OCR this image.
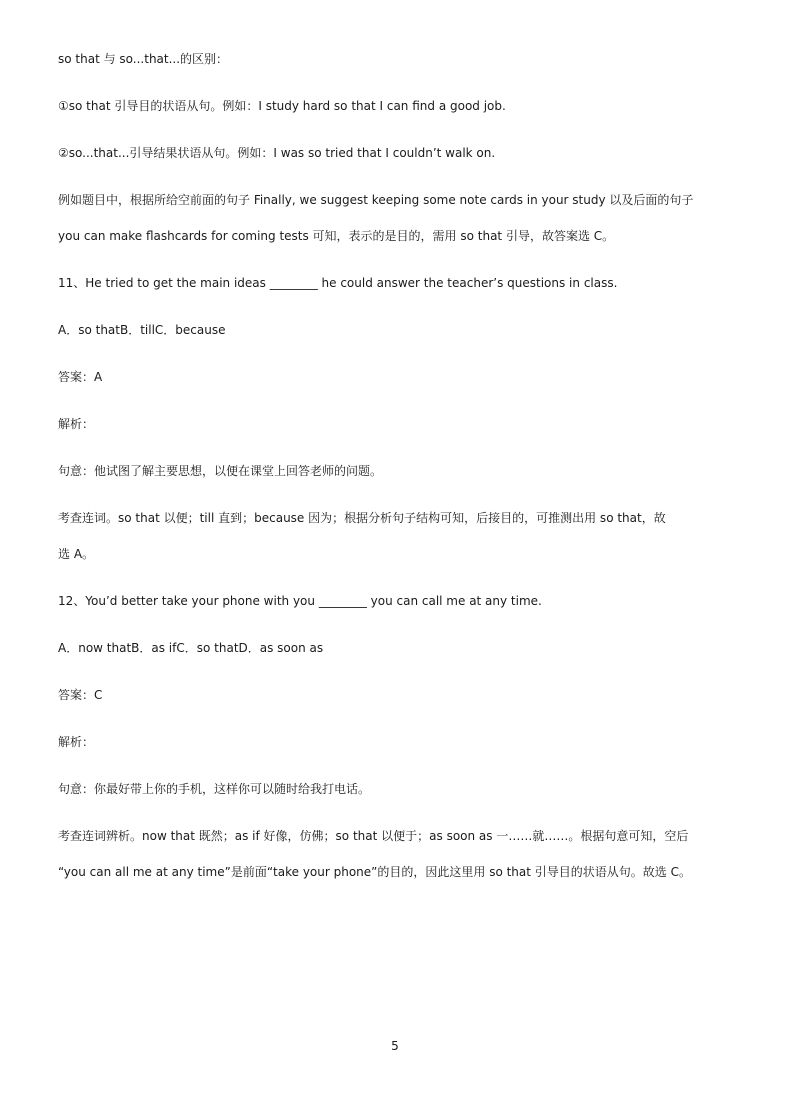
so that 与 so...that...的区别：
①so that 引导目的状语从句。例如：I study hard so that I can find a good job.
②so...that...引导结果状语从句。例如：I was so tried that I couldn’t walk on.
例如题目中，根据所给空前面的句子 Finally, we suggest keeping some note cards in your study 以及后面的句子
you can make flashcards for coming tests 可知，表示的是目的，需用 so that 引导，故答案选 C。
11、He tried to get the main ideas ________ he could answer the teacher’s questions in class.
A．so thatB．tillC．because
答案：A
解析：
句意：他试图了解主要思想，以便在课堂上回答老师的问题。
考查连词。so that 以便；till 直到；because 因为；根据分析句子结构可知，后接目的，可推测出用 so that，故
选 A。
12、You’d better take your phone with you ________ you can call me at any time.
A．now thatB．as ifC．so thatD．as soon as
答案：C
解析：
句意：你最好带上你的手机，这样你可以随时给我打电话。
考查连词辨析。now that 既然；as if 好像，仿佛；so that 以便于；as soon as 一……就……。根据句意可知，空后
“you can all me at any time”是前面“take your phone”的目的，因此这里用 so that 引导目的状语从句。故选 C。
5
